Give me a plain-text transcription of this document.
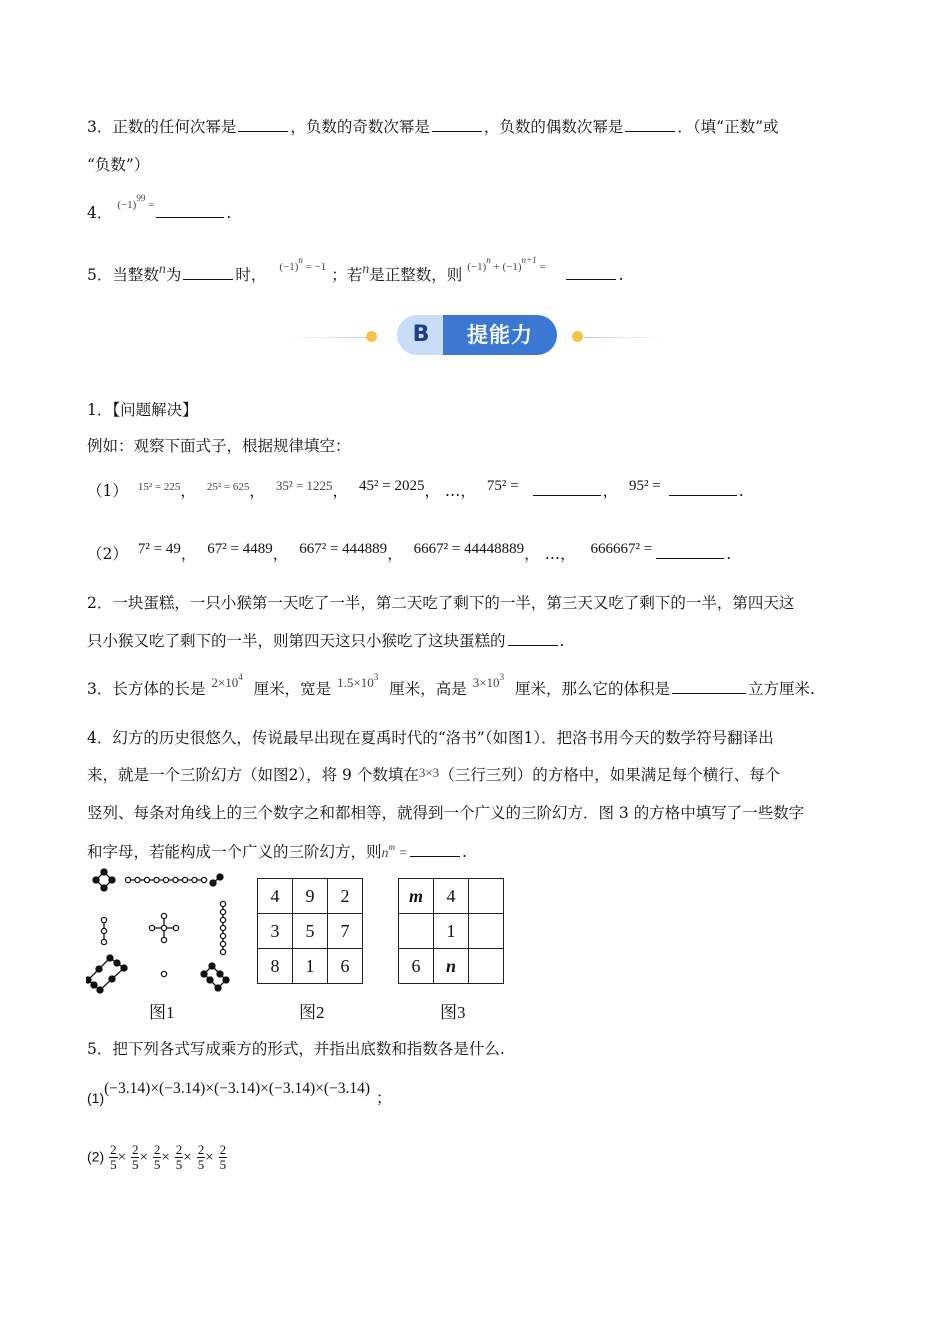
3．正数的任何次幂是	，负数的奇数次幂是	，负数的偶数次幂是	．（填“正数”或
“负数”）
4． $^{(-1)^{99} =}$	.
5．当整数n为	时， $^{(-1)^n = -1}$ ；若n是正整数，则 $^{(-1)^n + (-1)^{n+1} =}$	.
B	提能力
1．【问题解决】
例如：观察下面式子，根据规律填空：
（1） $^{15^2 = 225}$， $^{25^2 = 625}$， $^{35^2 = 1225}$， 45² = 2025， …， 75² =	， 95² =	.
（2） 7² = 49， 67² = 4489， 667² = 444889， 6667² = 44448889， …， 666667² =	.
2．一块蛋糕，一只小猴第一天吃了一半，第二天吃了剩下的一半，第三天又吃了剩下的一半，第四天这
只小猴又吃了剩下的一半，则第四天这只小猴吃了这块蛋糕的	.
3．长方体的长是 $^{2\times 10^4}$ 厘米，宽是 $^{1.5\times 10^3}$ 厘米，高是 $^{3\times 10^3}$ 厘米，那么它的体积是	立方厘米.
4．幻方的历史很悠久，传说最早出现在夏禹时代的“洛书”（如图1）．把洛书用今天的数学符号翻译出
来，就是一个三阶幻方（如图2），将 9 个数填在3×3（三行三列）的方格中，如果满足每个横行、每个
竖列、每条对角线上的三个数字之和都相等，就得到一个广义的三阶幻方．图 3 的方格中填写了一些数字
和字母，若能构成一个广义的三阶幻方，则$n^m$ =	.
4	9	2
3	5	7
8	1	6
m	4	
	1	
6	n	
图1	图2	图3
5．把下列各式写成乘方的形式，并指出底数和指数各是什么.
(1)(−3.14)×(−3.14)×(−3.14)×(−3.14)×(−3.14)；
$(2) \frac{2}{5} \times \frac{2}{5} \times \frac{2}{5} \times \frac{2}{5} \times \frac{2}{5} \times \frac{2}{5}$
